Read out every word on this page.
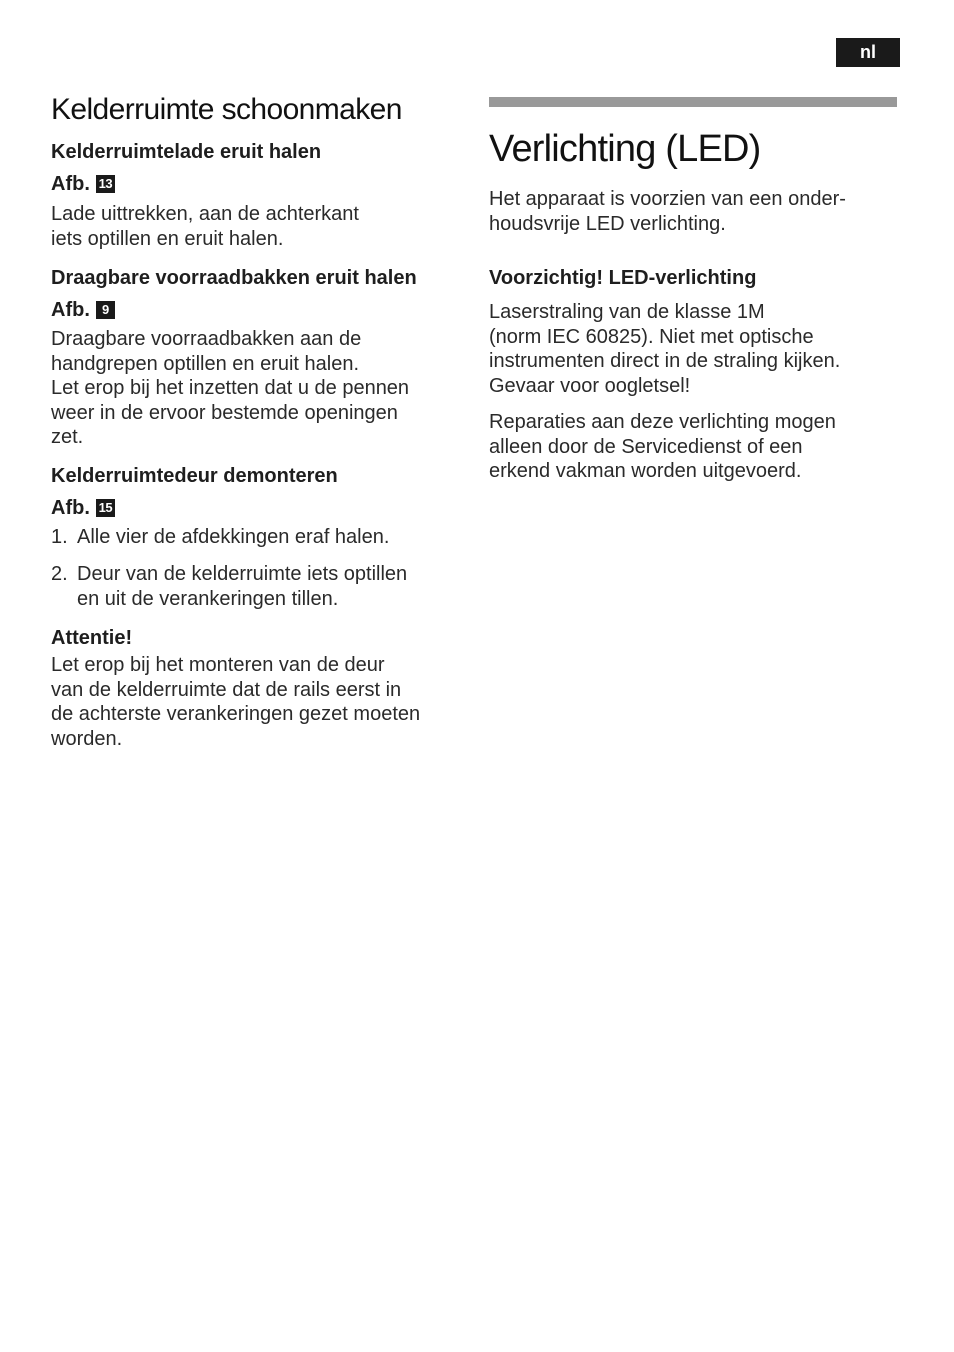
nl
Kelderruimte schoonmaken
Kelderruimtelade eruit halen
Afb. 13

Lade uittrekken, aan de achterkant
iets optillen en eruit halen.

Draagbare voorraadbakken eruit halen
Afb. 9

Draagbare voorraadbakken aan de
handgrepen optillen en eruit halen.
Let erop bij het inzetten dat u de pennen
weer in de ervoor bestemde openingen
zet.

Kelderruimtedeur demonteren
Afb. 15
1. Alle vier de afdekkingen eraf halen.
2. Deur van de kelderruimte iets optillen
en uit de verankeringen tillen.
Attentie!

Let erop bij het monteren van de deur
van de kelderruimte dat de rails eerst in
de achterste verankeringen gezet moeten
worden.

Verlichting (LED)

Het apparaat is voorzien van een onder-
houdsvrije LED verlichting.

Voorzichtig! LED-verlichting

Laserstraling van de klasse 1M
(norm IEC 60825). Niet met optische
instrumenten direct in de straling kijken.
Gevaar voor oogletsel!

Reparaties aan deze verlichting mogen
alleen door de Servicedienst of een
erkend vakman worden uitgevoerd.
